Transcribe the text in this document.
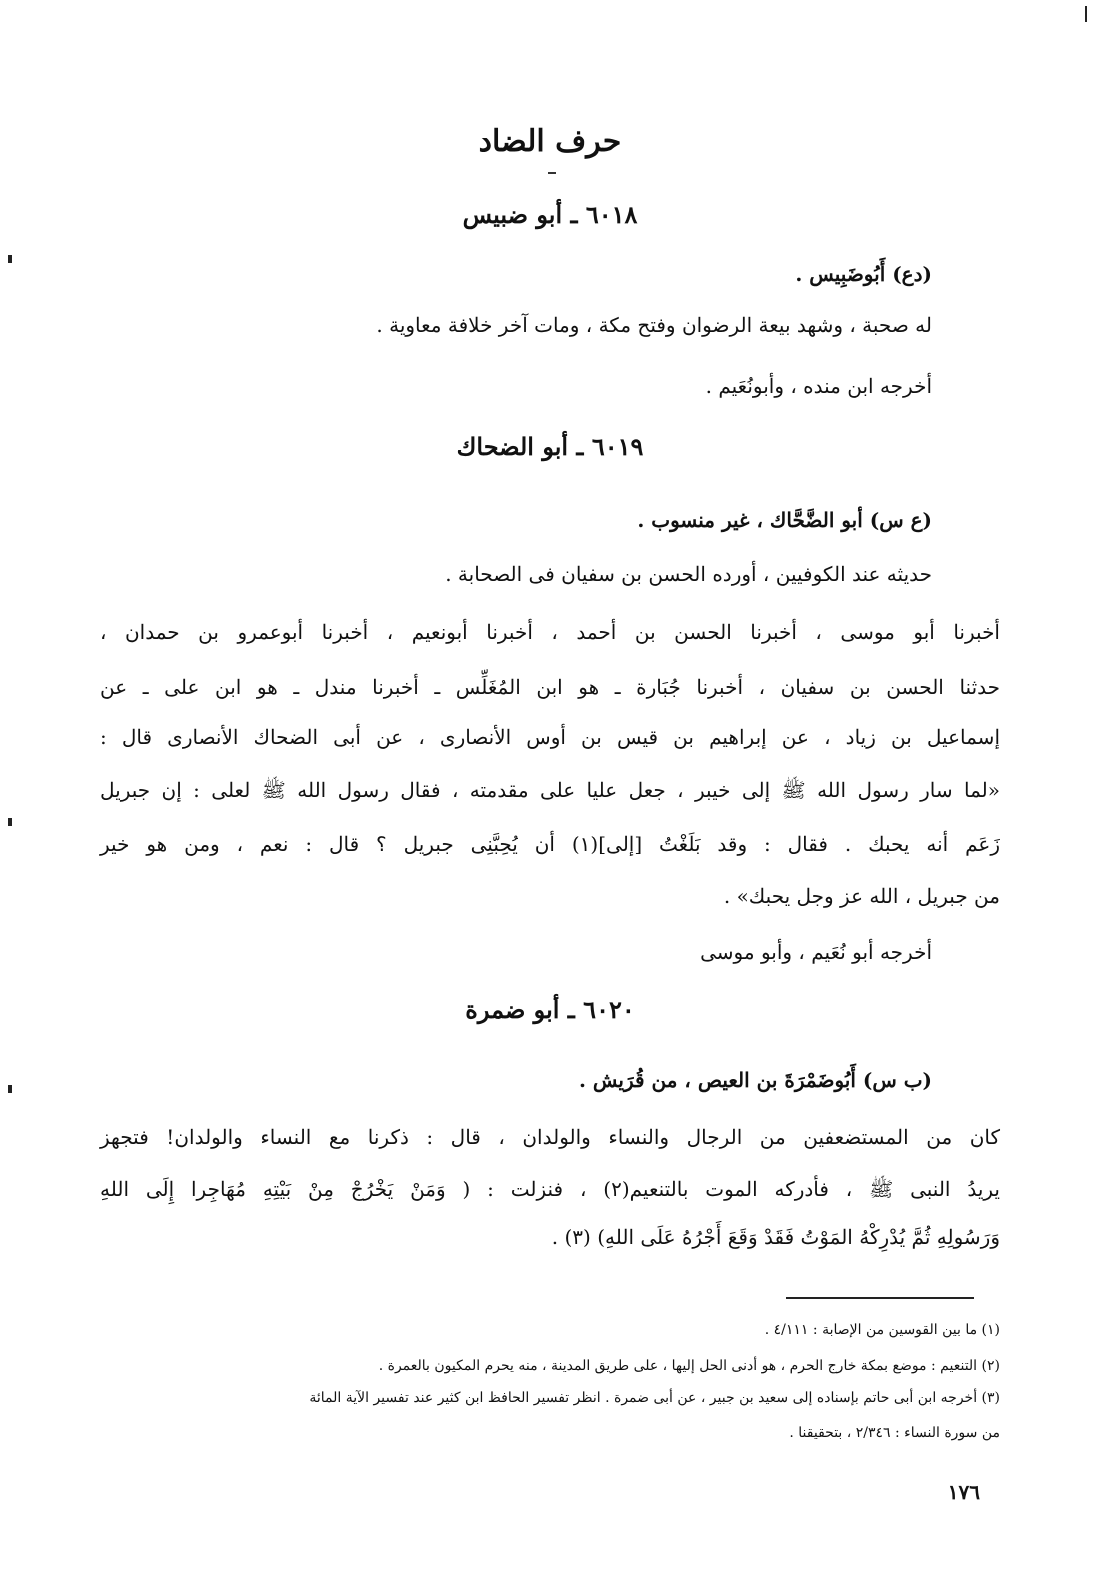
حرف الضاد
٦٠١٨ ـ أبو ضبيس
(دع) أَبُوضَبِيس .
له صحبة ، وشهد بيعة الرضوان وفتح مكة ، ومات آخر خلافة معاوية .
أخرجه ابن منده ، وأبونُعَيم .
٦٠١٩ ـ أبو الضحاك
(ع س) أبو الضَّحَّاك ، غير منسوب .
حديثه عند الكوفيين ، أورده الحسن بن سفيان فى الصحابة .
أخبرنا أبو موسى ، أخبرنا الحسن بن أحمد ، أخبرنا أبونعيم ، أخبرنا أبوعمرو بن حمدان ،
حدثنا الحسن بن سفيان ، أخبرنا جُبَارة ـ هو ابن المُغَلِّس ـ أخبرنا مندل ـ هو ابن على ـ عن
إسماعيل بن زياد ، عن إبراهيم بن قيس بن أوس الأنصارى ، عن أبى الضحاك الأنصارى قال :
«لما سار رسول الله ﷺ إلى خيبر ، جعل عليا على مقدمته ، فقال رسول الله ﷺ لعلى : إن جبريل
زَعَم أنه يحبك . فقال : وقد بَلَغْتُ [إلى](١) أن يُحِبَّنِى جبريل ؟ قال : نعم ، ومن هو خير
من جبريل ، الله عز وجل يحبك» .
أخرجه أبو نُعَيم ، وأبو موسى
٦٠٢٠ ـ أبو ضمرة
(ب س) أَبُوضَمْرَةَ بن العيص ، من قُرَيش .
كان من المستضعفين من الرجال والنساء والولدان ، قال : ذكرنا مع النساء والولدان! فتجهز
يريدُ النبى ﷺ ، فأدركه الموت بالتنعيم(٢) ، فنزلت : ( وَمَنْ يَخْرُجْ مِنْ بَيْتِهِ مُهَاجِرا إِلَى اللهِ
وَرَسُولِهِ ثُمَّ يُدْرِكْهُ المَوْتُ فَقَدْ وَقَعَ أَجْرُهُ عَلَى اللهِ) (٣) .
(١) ما بين القوسين من الإصابة : ٤/١١١ .
(٢) التنعيم : موضع بمكة خارج الحرم ، هو أدنى الحل إليها ، على طريق المدينة ، منه يحرم المكيون بالعمرة .
(٣) أخرجه ابن أبى حاتم بإسناده إلى سعيد بن جبير ، عن أبى ضمرة . انظر تفسير الحافظ ابن كثير عند تفسير الآية المائة
من سورة النساء : ٢/٣٤٦ ، بتحقيقنا .
١٧٦
